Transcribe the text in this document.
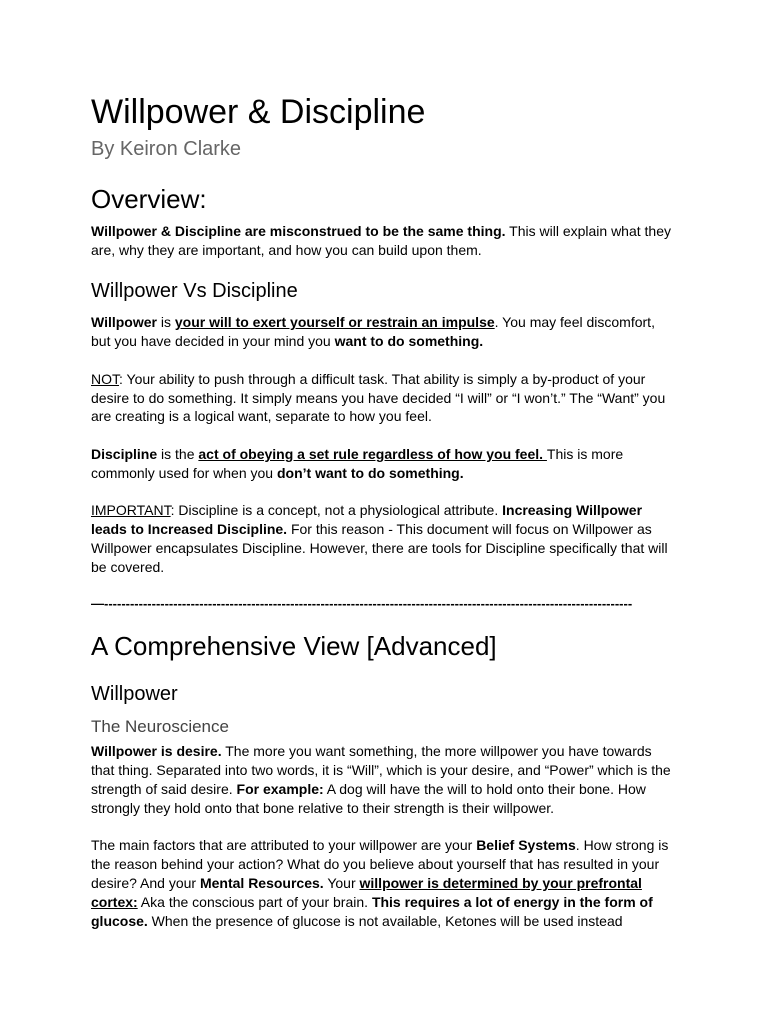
Willpower & Discipline
By Keiron Clarke
Overview:

Willpower & Discipline are misconstrued to be the same thing. This will explain what they are, why they are important, and how you can build upon them.

Willpower Vs Discipline

Willpower is your will to exert yourself or restrain an impulse. You may feel discomfort, but you have decided in your mind you want to do something.

NOT: Your ability to push through a difficult task. That ability is simply a by-product of your desire to do something. It simply means you have decided “I will” or “I won’t.” The “Want” you are creating is a logical want, separate to how you feel.

Discipline is the act of obeying a set rule regardless of how you feel. This is more commonly used for when you don’t want to do something.

IMPORTANT: Discipline is a concept, not a physiological attribute. Increasing Willpower leads to Increased Discipline. For this reason - This document will focus on Willpower as Willpower encapsulates Discipline. However, there are tools for Discipline specifically that will be covered.

—--------------------------------------------------------------------------------------------------------------------------
A Comprehensive View [Advanced]
Willpower
The Neuroscience

Willpower is desire. The more you want something, the more willpower you have towards that thing. Separated into two words, it is “Will”, which is your desire, and “Power” which is the strength of said desire. For example: A dog will have the will to hold onto their bone. How strongly they hold onto that bone relative to their strength is their willpower.

The main factors that are attributed to your willpower are your Belief Systems. How strong is the reason behind your action? What do you believe about yourself that has resulted in your desire? And your Mental Resources. Your willpower is determined by your prefrontal cortex: Aka the conscious part of your brain. This requires a lot of energy in the form of glucose. When the presence of glucose is not available, Ketones will be used instead
